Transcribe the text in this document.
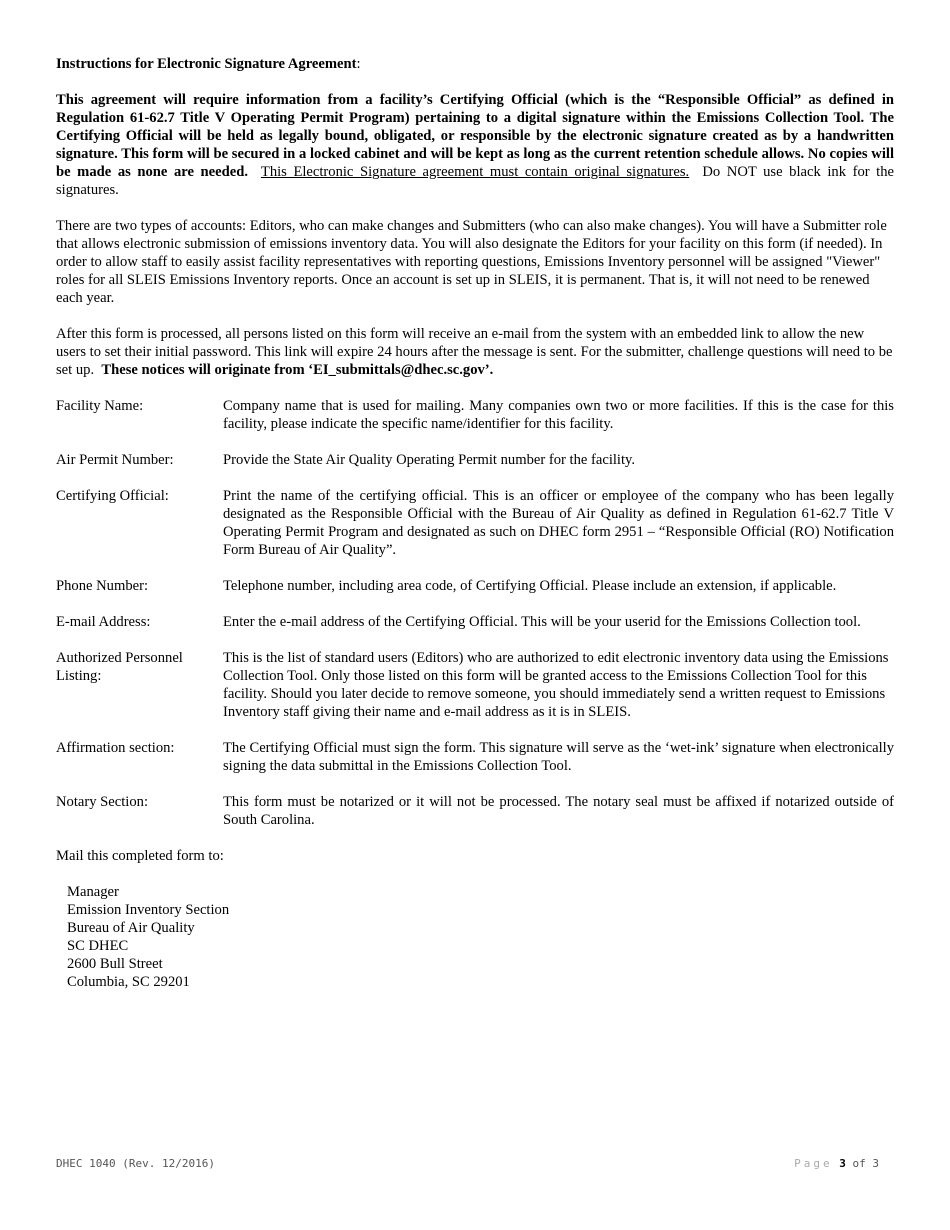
Instructions for Electronic Signature Agreement:

This agreement will require information from a facility’s Certifying Official (which is the “Responsible Official” as defined in Regulation 61-62.7 Title V Operating Permit Program) pertaining to a digital signature within the Emissions Collection Tool. The Certifying Official will be held as legally bound, obligated, or responsible by the electronic signature created as by a handwritten signature. This form will be secured in a locked cabinet and will be kept as long as the current retention schedule allows. No copies will be made as none are needed. This Electronic Signature agreement must contain original signatures. Do NOT use black ink for the signatures.

There are two types of accounts: Editors, who can make changes and Submitters (who can also make changes). You will have a Submitter role that allows electronic submission of emissions inventory data. You will also designate the Editors for your facility on this form (if needed). In order to allow staff to easily assist facility representatives with reporting questions, Emissions Inventory personnel will be assigned "Viewer" roles for all SLEIS Emissions Inventory reports. Once an account is set up in SLEIS, it is permanent. That is, it will not need to be renewed each year.

After this form is processed, all persons listed on this form will receive an e-mail from the system with an embedded link to allow the new users to set their initial password. This link will expire 24 hours after the message is sent. For the submitter, challenge questions will need to be set up. These notices will originate from ‘EI_submittals@dhec.sc.gov’.

Facility Name:	Company name that is used for mailing. Many companies own two or more facilities. If this is the case for this facility, please indicate the specific name/identifier for this facility.
Air Permit Number:	Provide the State Air Quality Operating Permit number for the facility.
Certifying Official:	Print the name of the certifying official. This is an officer or employee of the company who has been legally designated as the Responsible Official with the Bureau of Air Quality as defined in Regulation 61-62.7 Title V Operating Permit Program and designated as such on DHEC form 2951 – “Responsible Official (RO) Notification Form Bureau of Air Quality”.
Phone Number:	Telephone number, including area code, of Certifying Official. Please include an extension, if applicable.
E-mail Address:	Enter the e-mail address of the Certifying Official. This will be your userid for the Emissions Collection tool.
Authorized Personnel Listing:
This is the list of standard users (Editors) who are authorized to edit electronic inventory data using the Emissions Collection Tool. Only those listed on this form will be granted access to the Emissions Collection Tool for this facility. Should you later decide to remove someone, you should immediately send a written request to Emissions Inventory staff giving their name and e-mail address as it is in SLEIS.
Affirmation section:	The Certifying Official must sign the form. This signature will serve as the ‘wet-ink’ signature when electronically signing the data submittal in the Emissions Collection Tool.
Notary Section:	This form must be notarized or it will not be processed. The notary seal must be affixed if notarized outside of South Carolina.

Mail this completed form to:

Manager
Emission Inventory Section
Bureau of Air Quality
SC DHEC
2600 Bull Street
Columbia, SC 29201
DHEC 1040 (Rev. 12/2016)	Page 3 of 3
